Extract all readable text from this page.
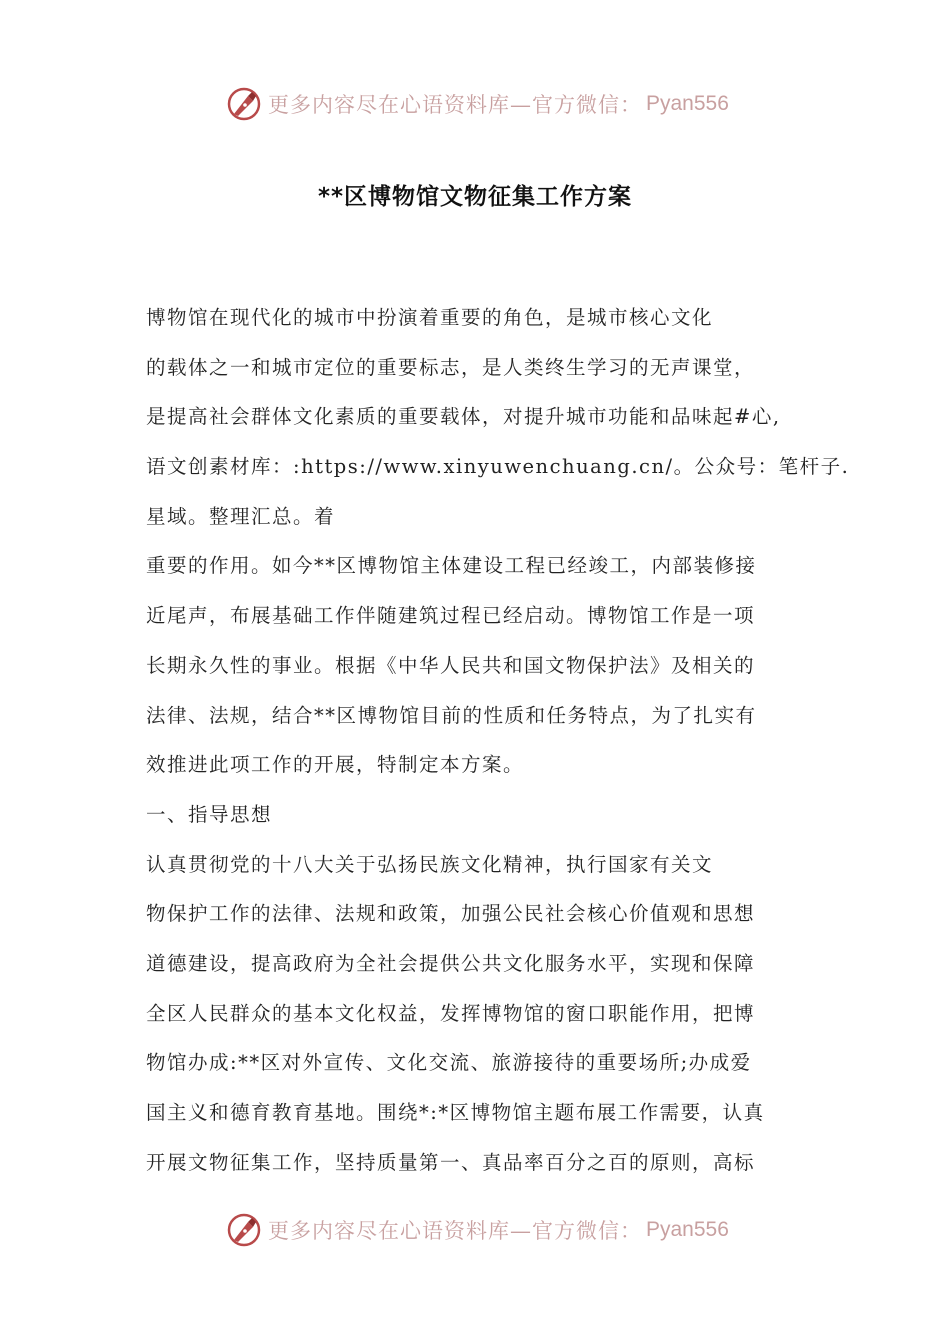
更多内容尽在心语资料库—官方微信： Pyan556
**区博物馆文物征集工作方案
博物馆在现代化的城市中扮演着重要的角色，是城市核心文化
的载体之一和城市定位的重要标志，是人类终生学习的无声课堂，
是提高社会群体文化素质的重要载体，对提升城市功能和品味起#心,
语文创素材库：:https://www.xinyuwenchuang.cn/。公众号：笔杆子.
星域。整理汇总。着
重要的作用。如今**区博物馆主体建设工程已经竣工，内部装修接
近尾声，布展基础工作伴随建筑过程已经启动。博物馆工作是一项
长期永久性的事业。根据《中华人民共和国文物保护法》及相关的
法律、法规，结合**区博物馆目前的性质和任务特点，为了扎实有
效推进此项工作的开展，特制定本方案。
一、指导思想
认真贯彻党的十八大关于弘扬民族文化精神，执行国家有关文
物保护工作的法律、法规和政策，加强公民社会核心价值观和思想
道德建设，提高政府为全社会提供公共文化服务水平，实现和保障
全区人民群众的基本文化权益，发挥博物馆的窗口职能作用，把博
物馆办成:**区对外宣传、文化交流、旅游接待的重要场所;办成爱
国主义和德育教育基地。围绕*:*区博物馆主题布展工作需要，认真
开展文物征集工作，坚持质量第一、真品率百分之百的原则，高标
更多内容尽在心语资料库—官方微信： Pyan556
